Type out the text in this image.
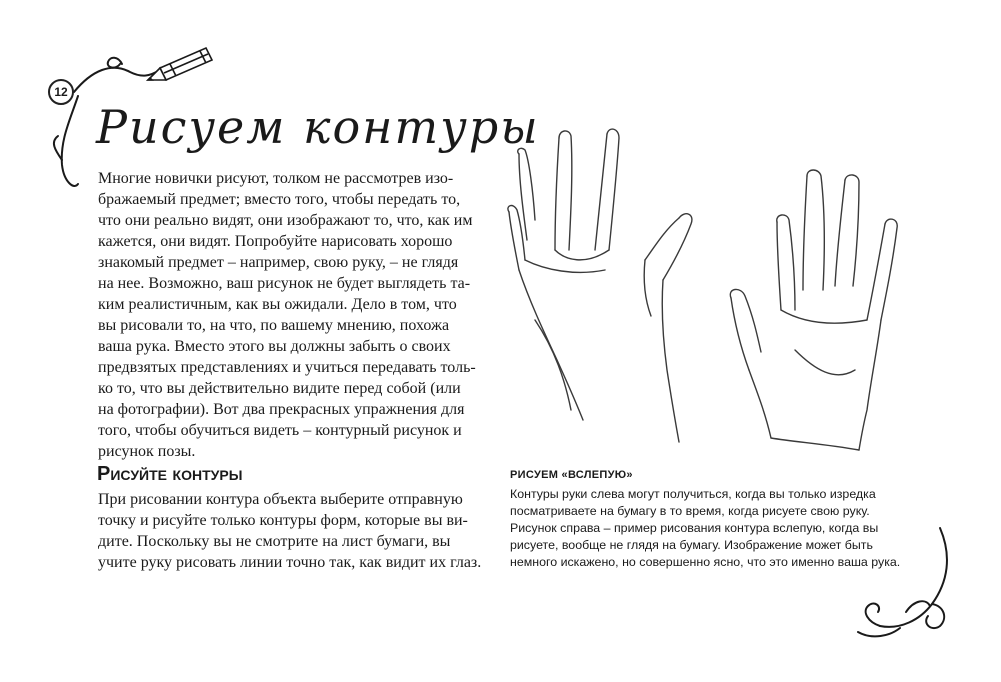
12
Рисуем контуры
Многие новички рисуют, толком не рассмотрев изо-
бражаемый предмет; вместо того, чтобы передать то,
что они реально видят, они изображают то, что, как им
кажется, они видят. Попробуйте нарисовать хорошо
знакомый предмет – например, свою руку, – не глядя
на нее. Возможно, ваш рисунок не будет выглядеть та-
ким реалистичным, как вы ожидали. Дело в том, что
вы рисовали то, на что, по вашему мнению, похожа
ваша рука. Вместо этого вы должны забыть о своих
предвзятых представлениях и учиться передавать толь-
ко то, что вы действительно видите перед собой (или
на фотографии). Вот два прекрасных упражнения для
того, чтобы обучиться видеть – контурный рисунок и
рисунок позы.
Рисуйте контуры
При рисовании контура объекта выберите отправную
точку и рисуйте только контуры форм, которые вы ви-
дите. Поскольку вы не смотрите на лист бумаги, вы
учите руку рисовать линии точно так, как видит их глаз.
РИСУЕМ «ВСЛЕПУЮ»
Контуры руки слева могут получиться, когда вы только изредка
посматриваете на бумагу в то время, когда рисуете свою руку.
Рисунок справа – пример рисования контура вслепую, когда вы
рисуете, вообще не глядя на бумагу. Изображение может быть
немного искажено, но совершенно ясно, что это именно ваша рука.
